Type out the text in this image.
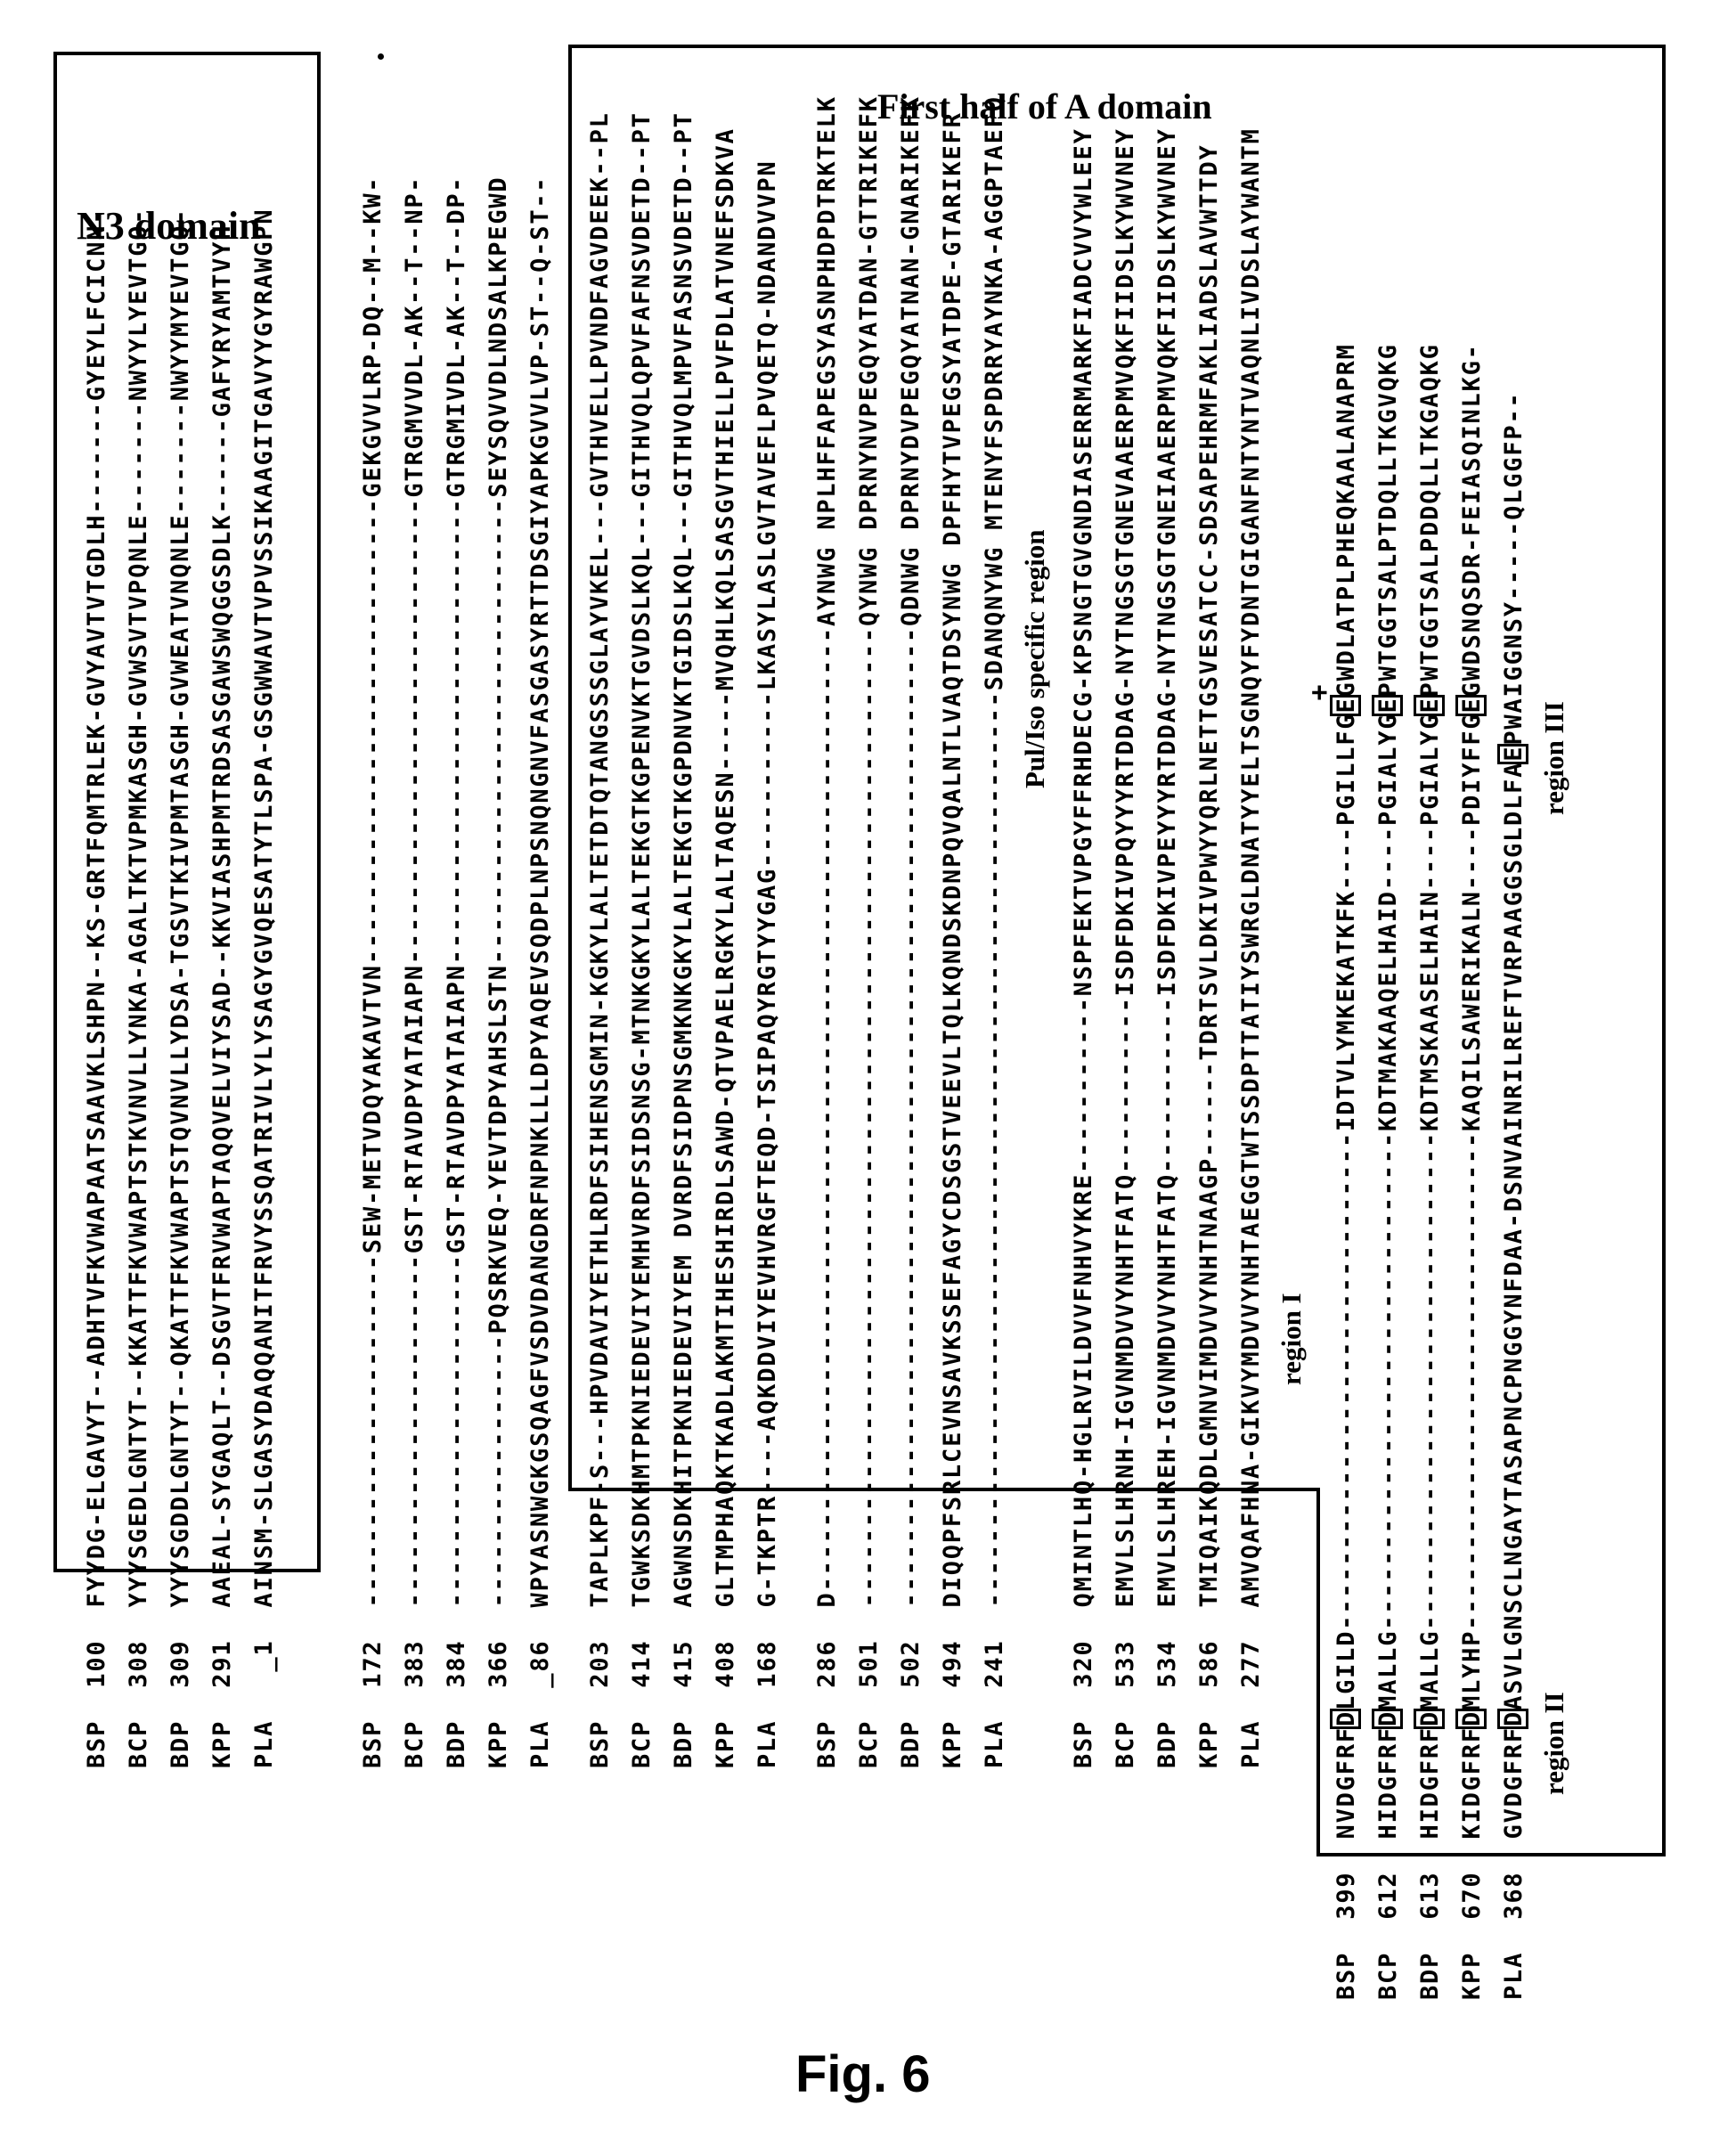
N3 domain
First half of A domain
BSP  100  FYYDG-ELGAVYT--ADHTVFKVWAPAATSAAVKLSHPN--KS-GRTFQMTRLEK-GVYAVTVTGDLH-------GYEYLFCICNN-
BCP  308  YYYSGEDLGNTYT--KKATTFKVWAPTSTKVNVLLYNKA-AGALTKTVPMKASGH-GVWSVTVPQNLE-------NWYYLYEVTGQ-
BDP  309  YYYSGDDLGNTYT--QKATTFKVWAPTSTQVNVLLYDSA-TGSVTKIVPMTASGH-GVWEATVNQNLE-------NWYYMYEVTGQ-
KPP  291  AAEAL-SYGAQLT--DSGVTFRVWAPTAQQVELVIYSAD--KKVIASHPMTRDSASGAWSWQGGSDLK------GAFYRYAMTVYH
PLA   _1  AINSM-SLGASYDAQQANITFRVYSSQATRIVLYLYSAGYGVQESATYTLSPA-GSGWWAVTVPVSSIKAAGITGAVYYGYRAWGPN
BSP  172  ----------------------SEW-METVDQYAKAVTVN-----------------------------GEKGVVLRP-DQ--M--KW-
BCP  383  ----------------------GST-RTAVDPYATAIAPN-----------------------------GTRGMVVDL-AK--T--NP-
BDP  384  ----------------------GST-RTAVDPYATAIAPN-----------------------------GTRGMIVDL-AK--T--DP-
KPP  366  -----------------PQSRKVEQ-YEVTDPYAHSLSTN-----------------------------SEYSQVVDLNDSALKPEGWD
PLA  _86  WPYASNWGKGSQAGFVSDVDANGDRFNPNKLLLDPYAQEVSQDPLNPSNQNGNVFASGASYRTTDSGIYAPKGVVLVP-ST--Q-ST--
BSP  203  TAPLKPF-S---HPVDAVIYETHLRDFSIHENSGMIN-KGKYLALTETDTQTANGSSSGLAYVKEL---GVTHVELLPVNDFAGVDEEK--PL
BCP  414  TGWKSDKHMTPKNIEDEVIYEMHVRDFSIDSNSG-MTNKGKYLALTEKGTKGPENVKTGVDSLKQL---GITHVQLQPVFAFNSVDETD--PT
BDP  415  AGWNSDKHITPKNIEDEVIYEM DVRDFSIDPNSGMKNKGKYLALTEKGTKGPDNVKTGIDSLKQL---GITHVQLMPVFASNSVDETD--PT
KPP  408  GLTMPHAQKTKADLAKMTIHESHIRDLSAWD-QTVPAELRGKYLALTAQESN-----MVQHLKQLSASGVTHIELLPVFDLATVNEFSDKVA
PLA  168  G-TKPTR----AQKDDVIYEVHVRGFTEQD-TSIPAQYRGTYYGAG-----------LKASYLASLGVTAVEFLPVQETQ-NDANDVVPN
BSP  286  D------------------------------------------------------------AYNWG NPLHFFAPEGSYASNPHDPDTRKTELK
BCP  501  -------------------------------------------------------------QYNWG DPRNYNVPEGQYATDAN-GTTRIKEFK
BDP  502  -------------------------------------------------------------QDNWG DPRNYDVPEGQYATNAN-GNARIKEFK
KPP  494  DIQQPFSRLCEVNSAVKSSEFAGYCDSGSTVEEVLTQLKQNDSKDNPQVQALNTLVAQTDSYNWG DPFHYTVPEGSYATDPE-GTARIKEFR
PLA  241  ---------------------------------------------------------SDANQNYWG MTENYFSPDRRYAYNKA-AGGPTAEFQ Pul/Iso specific region
BSP  320  QMINTLHQ-HGLRVILDVVFNHVYKRE-----------NSPFEKTVPGYFFRHDECG-KPSNGTGVGNDIASERRMARKFIADCVVYWLEEY
BCP  533  EMVLSLHRNH-IGVNMDVVYNHTFATQ-----------ISDFDKIVPQYYYRTDDAG-NYTNGSGTGNEVAAERPMVQKFIIDSLKYWVNEY
BDP  534  EMVLSLHREH-IGVNMDVVYNHTFATQ-----------ISDFDKIVPEYYYRTDDAG-NYTNGSGTGNEIAAERPMVQKFIIDSLKYWVNEY
KPP  586  TMIQAIKQDLGMNVIMDVVYNHTNAAGP------TDRTSVLDKIVPWYYQRLNETTGSVESATCC-SDSAPEHRMFAKLIADSLAVWTTDY
PLA  277  AMVQAFHNA-GIKVYMDVVYNHTAEGGTWTSSDPTTATIYSWRGLDNATYYELTSGNQYFYDNTGIGANFNTYNTVAQNLIVDSLAYWANTM region I
BSP  399  NVDGFRFDLGILD-------------------------------IDTVLYMKEKATKFK----PGILLFG+ EGWDLATPLPHEQKAALANAPRM
BCP  612  HIDGFRFDMALLG-------------------------------KDTMAKAAQELHAID----PGIALYGEPWTGGTSALPTDQLLTKGVQKG
BDP  613  HIDGFRFDMALLG-------------------------------KDTMSKAASELHAIN----PGIALYGEPWTGGTSALPDDQLLTKGAQKG
KPP  670  KIDGFRFDMLYHP-------------------------------KAQILSAWERIKALN----PDIYFFGEGWDSNQSDR-FEIASQINLKG-
PLA  368  GVDGFRFDASVLGNSCLNGAYTASAPNCPNGGYNFDAA-DSNVAINRILREFTVRPAAGGSGLDLFAEPWAIGGNSY-----QLGGFP--
region II
region III
Fig. 6
